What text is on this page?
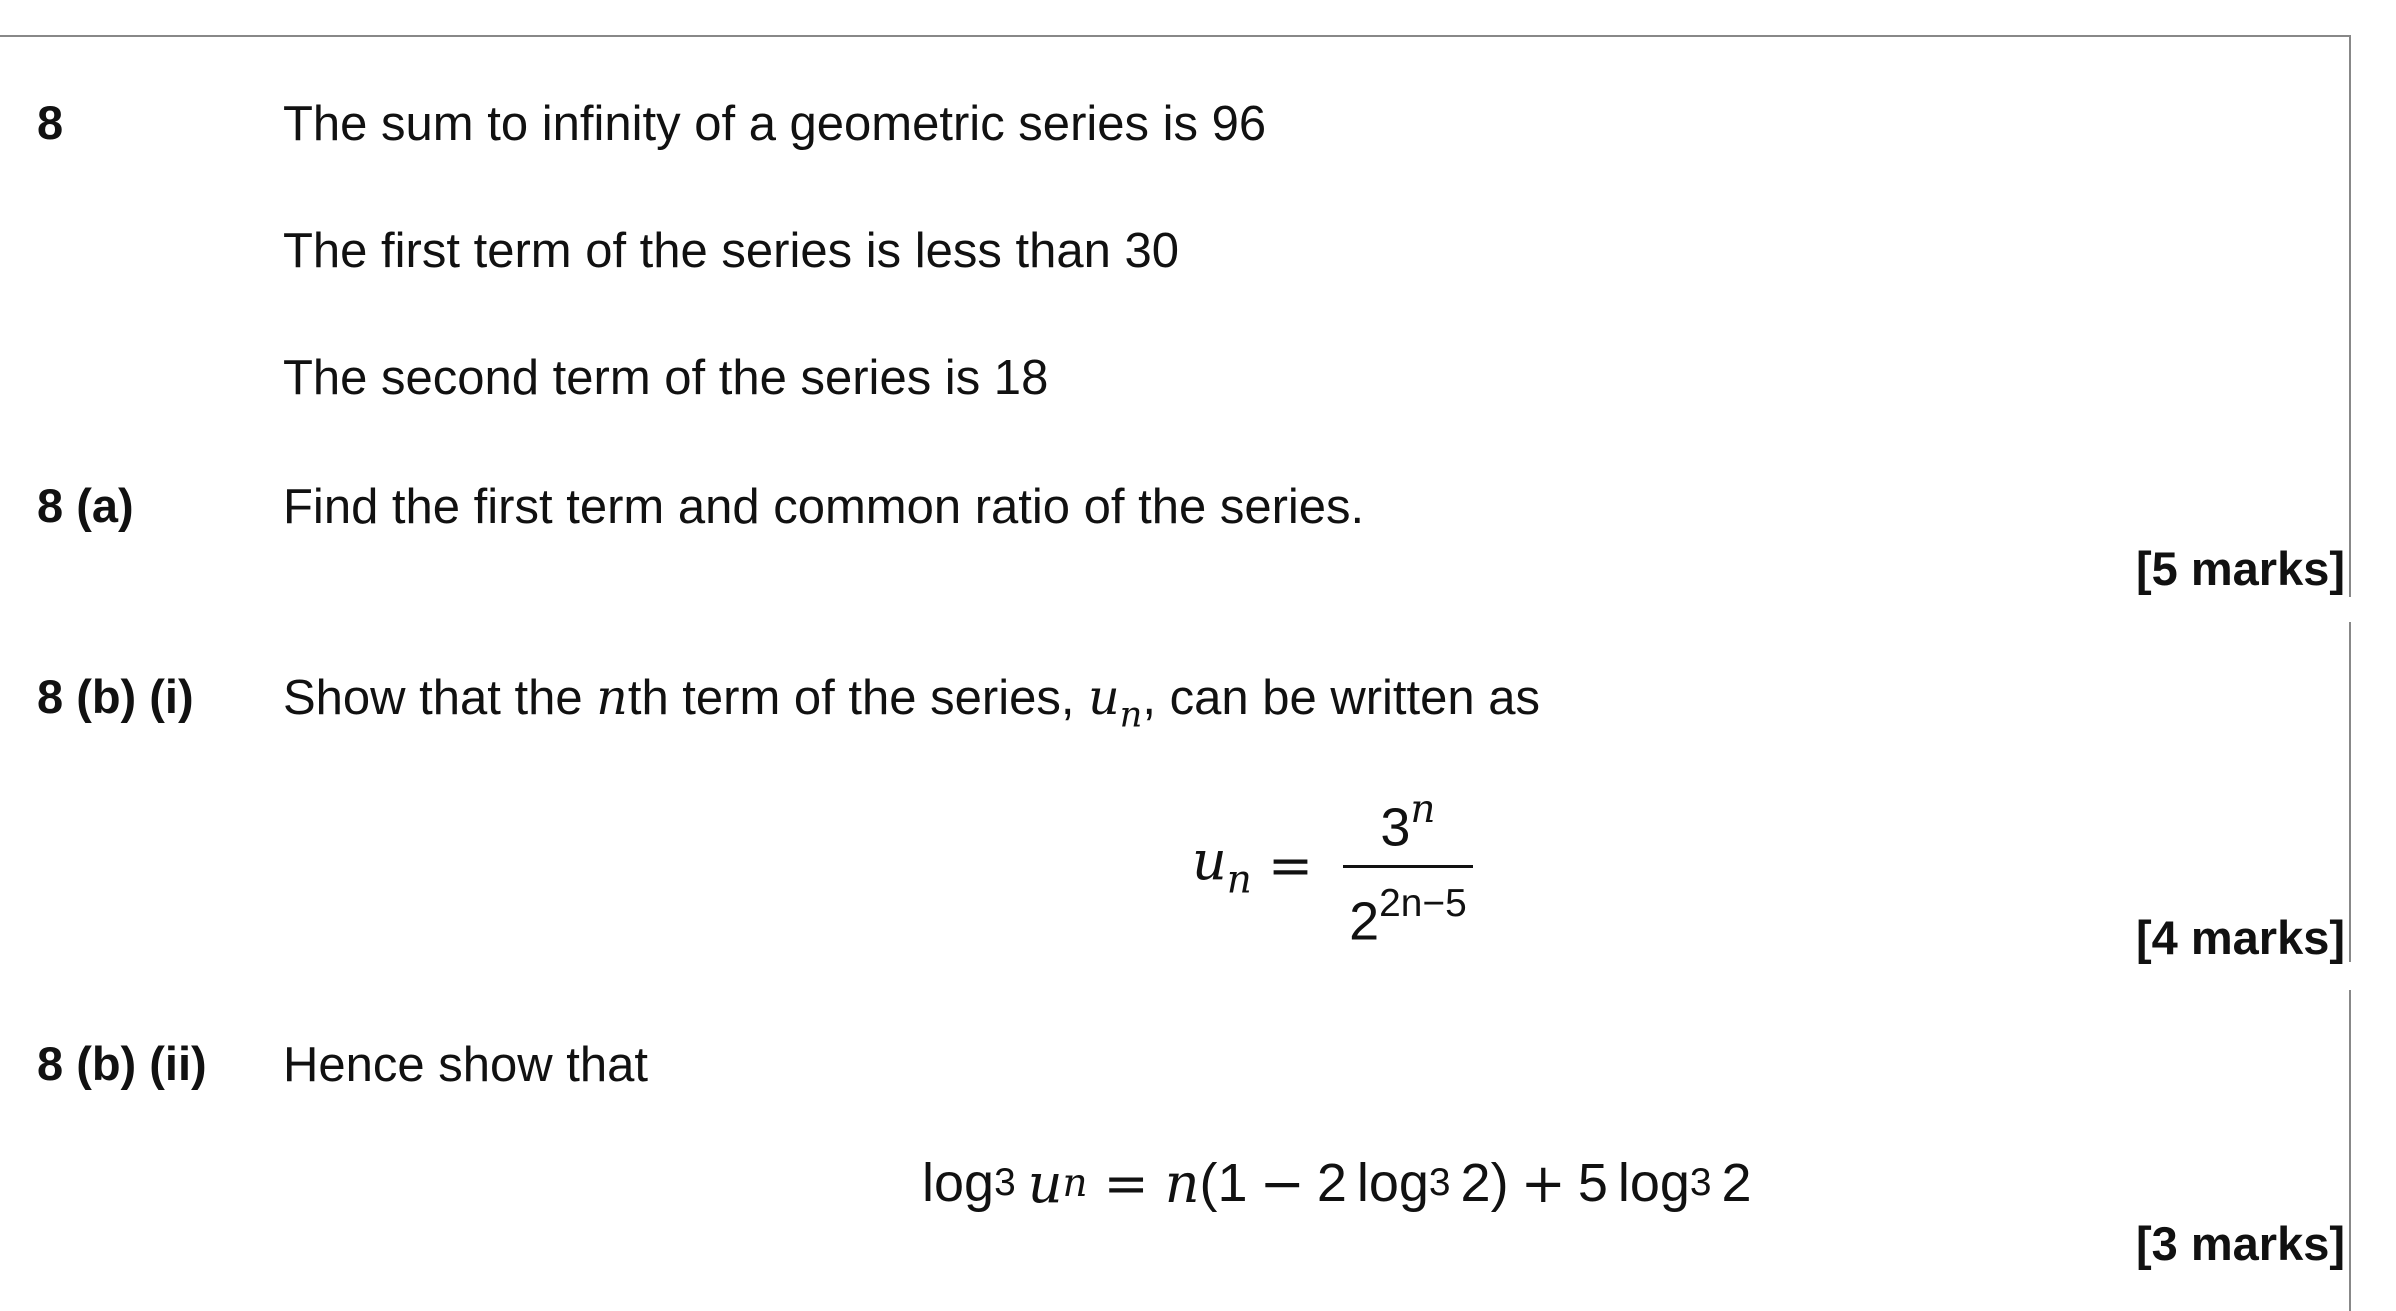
8	The sum to infinity of a geometric series is 96
The first term of the series is less than 30
The second term of the series is 18
8 (a)	Find the first term and common ratio of the series.
[5 marks]
8 (b) (i) Show that the nth term of the series, $u_n$, can be written as
$u_n = \frac{3^n}{2^{2n-5}}$	[4 marks]
8 (b) (ii) Hence show that
log 3 u n = n (1 − 2 log 3 2) + 5 log 3 2
[3 marks]
